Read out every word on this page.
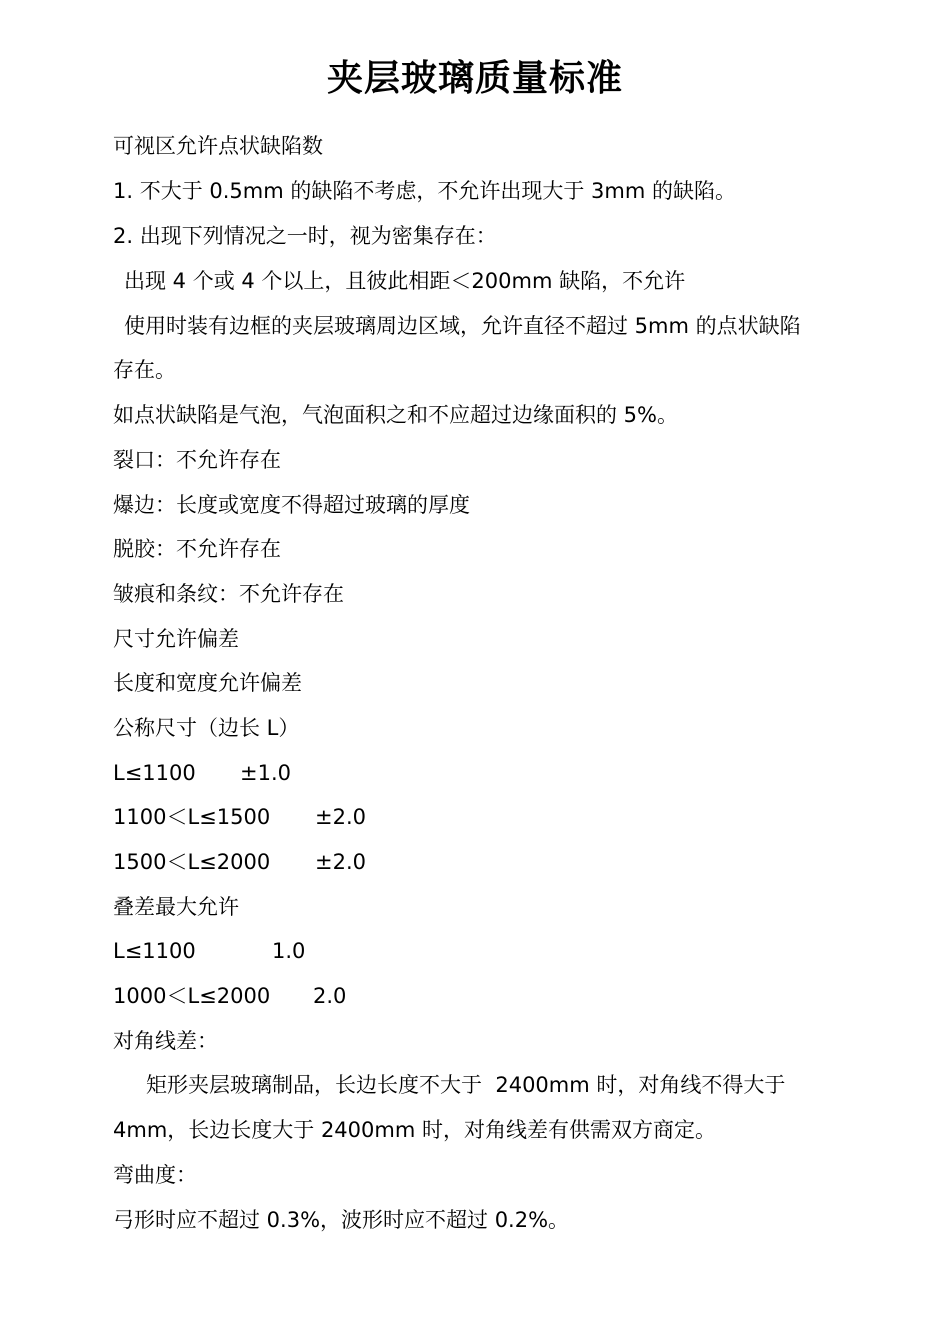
夹层玻璃质量标准
可视区允许点状缺陷数
1. 不大于 0.5mm 的缺陷不考虑，不允许出现大于 3mm 的缺陷。
2. 出现下列情况之一时，视为密集存在：
出现 4 个或 4 个以上，且彼此相距＜200mm 缺陷，不允许
使用时装有边框的夹层玻璃周边区域，允许直径不超过 5mm 的点状缺陷
存在。
如点状缺陷是气泡，气泡面积之和不应超过边缘面积的 5%。
裂口：不允许存在
爆边：长度或宽度不得超过玻璃的厚度
脱胶：不允许存在
皱痕和条纹：不允许存在
尺寸允许偏差
长度和宽度允许偏差
公称尺寸（边长 L）
L≤1100 ±1.0
1100＜L≤1500 ±2.0
1500＜L≤2000 ±2.0
叠差最大允许
L≤1100	1.0
1000＜L≤2000 2.0
对角线差：
矩形夹层玻璃制品，长边长度不大于  2400mm 时，对角线不得大于
4mm，长边长度大于 2400mm 时，对角线差有供需双方商定。
弯曲度：
弓形时应不超过 0.3%，波形时应不超过 0.2%。
